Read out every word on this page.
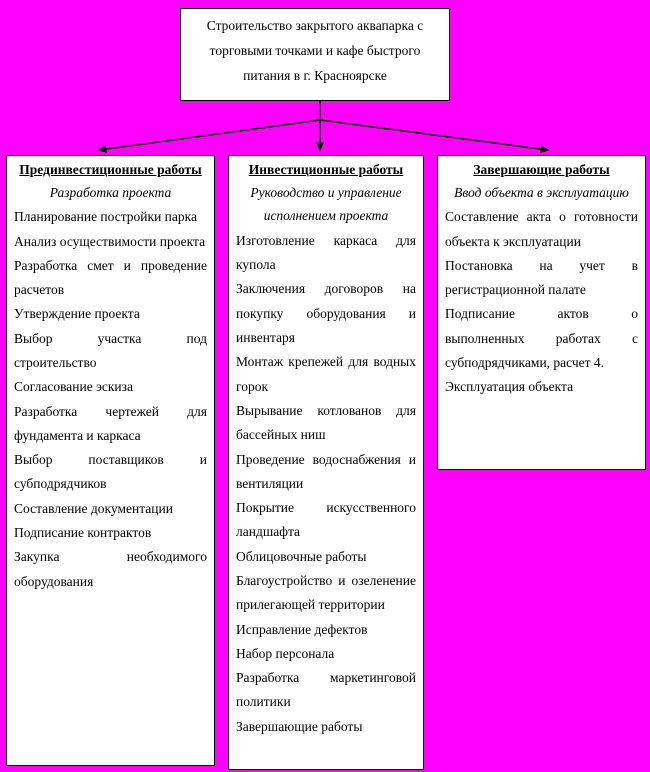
Строительство закрытого аквапарка с торговыми точками и кафе быстрого питания в г. Красноярске
Прединвестиционные работы
Разработка проекта
Планирование постройки парка
Анализ осуществимости проекта
Разработка смет и проведение расчетов
Утверждение проекта
Выбор участка под строительство
Согласование эскиза
Разработка чертежей для фундамента и каркаса
Выбор поставщиков и субподрядчиков
Составление документации
Подписание контрактов
Закупка необходимого оборудования
Инвестиционные работы
Руководство и управление исполнением проекта
Изготовление каркаса для купола
Заключения договоров на покупку оборудования и инвентаря
Монтаж крепежей для водных горок
Вырывание котлованов для бассейных ниш
Проведение водоснабжения и вентиляции
Покрытие искусственного ландшафта
Облицовочные работы
Благоустройство и озеленение прилегающей территории
Исправление дефектов
Набор персонала
Разработка маркетинговой политики
Завершающие работы
Завершающие работы
Ввод объекта в эксплуатацию
Составление акта о готовности объекта к эксплуатации
Постановка на учет в регистрационной палате
Подписание актов о выполненных работах с субподрядчиками, расчет 4.
Эксплуатация объекта
